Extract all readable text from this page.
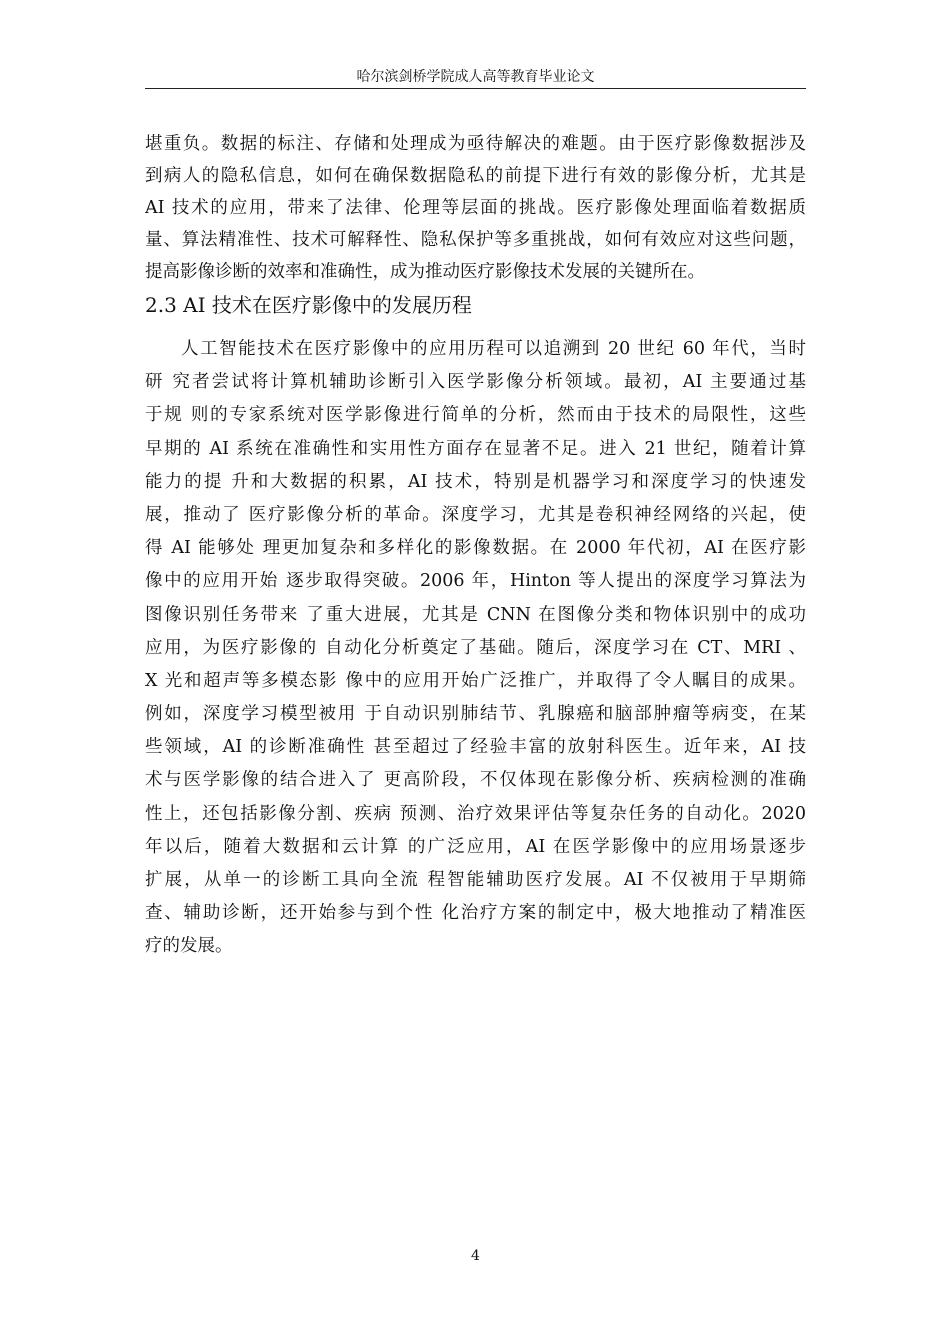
哈尔滨剑桥学院成人高等教育毕业论文
堪重负。数据的标注、存储和处理成为亟待解决的难题。由于医疗影像数据涉及
到病人的隐私信息，如何在确保数据隐私的前提下进行有效的影像分析，尤其是
AI 技术的应用，带来了法律、伦理等层面的挑战。医疗影像处理面临着数据质
量、算法精准性、技术可解释性、隐私保护等多重挑战，如何有效应对这些问题，
提高影像诊断的效率和准确性，成为推动医疗影像技术发展的关键所在。
2.3 AI 技术在医疗影像中的发展历程
人工智能技术在医疗影像中的应用历程可以追溯到 20 世纪 60 年代，当时
研 究者尝试将计算机辅助诊断引入医学影像分析领域。最初，AI 主要通过基
于规 则的专家系统对医学影像进行简单的分析，然而由于技术的局限性，这些
早期的 AI 系统在准确性和实用性方面存在显著不足。进入 21 世纪，随着计算
能力的提 升和大数据的积累，AI 技术，特别是机器学习和深度学习的快速发
展，推动了 医疗影像分析的革命。深度学习，尤其是卷积神经网络的兴起，使
得 AI 能够处 理更加复杂和多样化的影像数据。在 2000 年代初，AI 在医疗影
像中的应用开始 逐步取得突破。2006 年，Hinton 等人提出的深度学习算法为
图像识别任务带来 了重大进展，尤其是 CNN 在图像分类和物体识别中的成功
应用，为医疗影像的 自动化分析奠定了基础。随后，深度学习在 CT、MRI 、
X 光和超声等多模态影 像中的应用开始广泛推广，并取得了令人瞩目的成果。
例如，深度学习模型被用 于自动识别肺结节、乳腺癌和脑部肿瘤等病变，在某
些领域，AI 的诊断准确性 甚至超过了经验丰富的放射科医生。近年来，AI 技
术与医学影像的结合进入了 更高阶段，不仅体现在影像分析、疾病检测的准确
性上，还包括影像分割、疾病 预测、治疗效果评估等复杂任务的自动化。2020
年以后，随着大数据和云计算 的广泛应用，AI 在医学影像中的应用场景逐步
扩展，从单一的诊断工具向全流 程智能辅助医疗发展。AI 不仅被用于早期筛
查、辅助诊断，还开始参与到个性 化治疗方案的制定中，极大地推动了精准医
疗的发展。
4
